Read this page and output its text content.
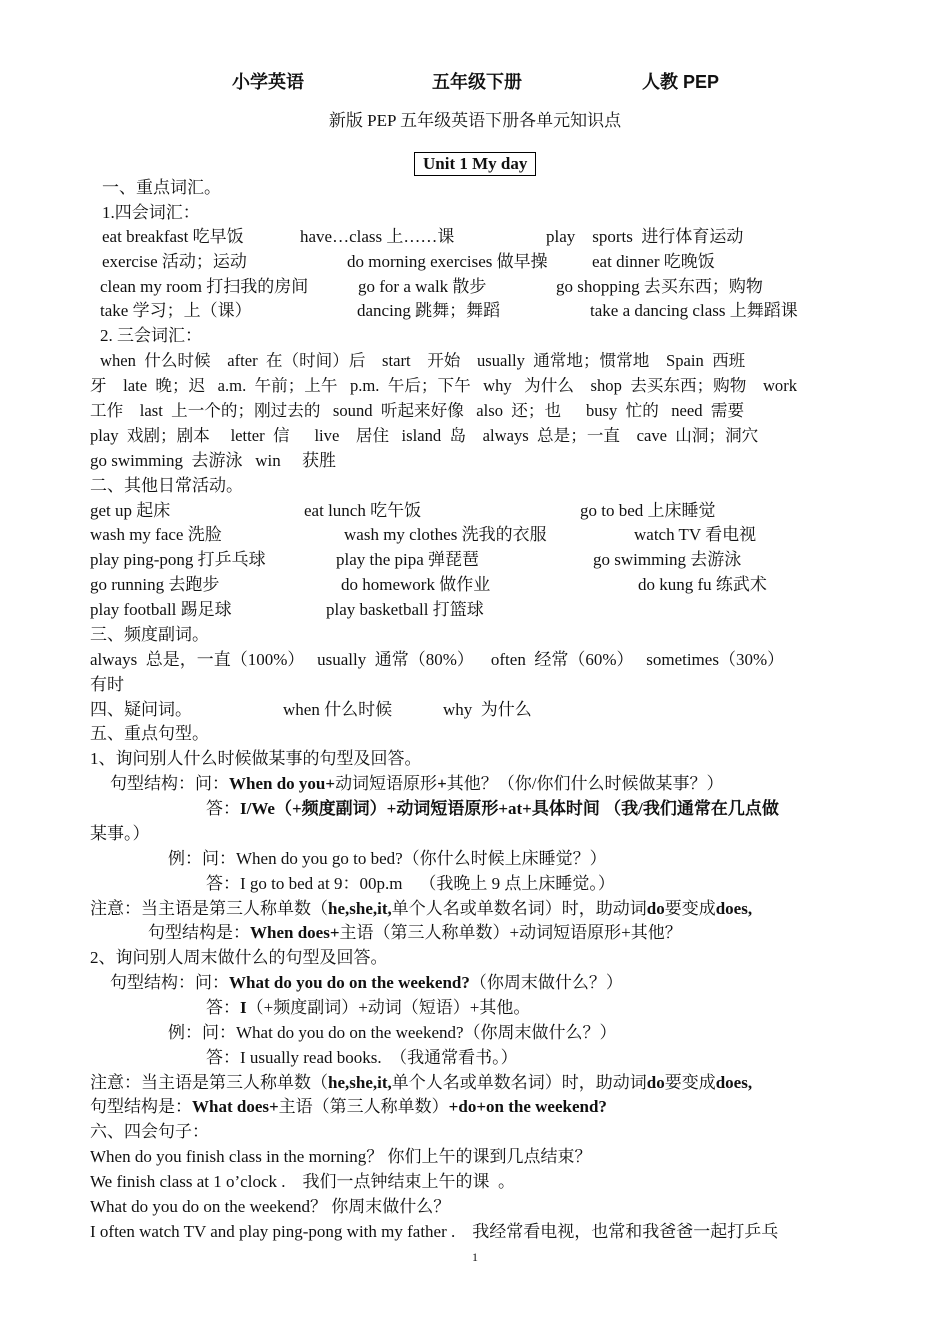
小学英语	五年级下册	人教 PEP
新版 PEP 五年级英语下册各单元知识点
Unit 1 My day
一、重点词汇。
1.四会词汇：
eat breakfast 吃早饭	have…class 上……课	play    sports  进行体育运动
exercise 活动；运动	do morning exercises 做早操	eat dinner 吃晚饭
clean my room 打扫我的房间	go for a walk 散步	go shopping 去买东西；购物
take 学习；上（课）	dancing 跳舞；舞蹈	take a dancing class 上舞蹈课
2. 三会词汇：
when  什么时候    after  在（时间）后    start    开始    usually  通常地；惯常地    Spain  西班
牙    late  晚；迟   a.m.  午前；上午   p.m.  午后；下午   why   为什么    shop  去买东西；购物    work
工作    last  上一个的；刚过去的   sound  听起来好像   also  还；也      busy  忙的   need  需要
play  戏剧；剧本     letter  信      live    居住   island  岛    always  总是；一直    cave  山洞；洞穴
go swimming  去游泳   win     获胜
二、其他日常活动。
get up 起床	eat lunch 吃午饭	go to bed 上床睡觉
wash my face 洗脸	wash my clothes 洗我的衣服	watch TV 看电视
play ping-pong 打乒乓球	play the pipa 弹琵琶	go swimming 去游泳
go running 去跑步	do homework 做作业	do kung fu 练武术
play football 踢足球	play basketball 打篮球
三、频度副词。
always  总是，一直（100%）   usually  通常（80%）    often  经常（60%）   sometimes（30%）
有时
四、疑问词。	when 什么时候	why  为什么
五、重点句型。
1、询问别人什么时候做某事的句型及回答。
句型结构：问：When do you+动词短语原形+其他？（你/你们什么时候做某事？）
答：I/We（+频度副词）+动词短语原形+at+具体时间 （我/我们通常在几点做
某事。）
例：问：When do you go to bed?（你什么时候上床睡觉？）
答：I go to bed at 9：00p.m    （我晚上 9 点上床睡觉。）
注意：当主语是第三人称单数（he,she,it,单个人名或单数名词）时，助动词do要变成does,
句型结构是：When does+主语（第三人称单数）+动词短语原形+其他？
2、询问别人周末做什么的句型及回答。
句型结构：问：What do you do on the weekend?（你周末做什么？）
答：I（+频度副词）+动词（短语）+其他。
例：问：What do you do on the weekend?（你周末做什么？）
答：I usually read books.  （我通常看书。）
注意：当主语是第三人称单数（he,she,it,单个人名或单数名词）时，助动词do要变成does,
句型结构是：What does+主语（第三人称单数）+do+on the weekend?
六、四会句子：
When do you finish class in the morning？ 你们上午的课到几点结束？
We finish class at 1 o’clock .    我们一点钟结束上午的课  。
What do you do on the weekend？ 你周末做什么？
I often watch TV and play ping-pong with my father .    我经常看电视，也常和我爸爸一起打乒乓
1
